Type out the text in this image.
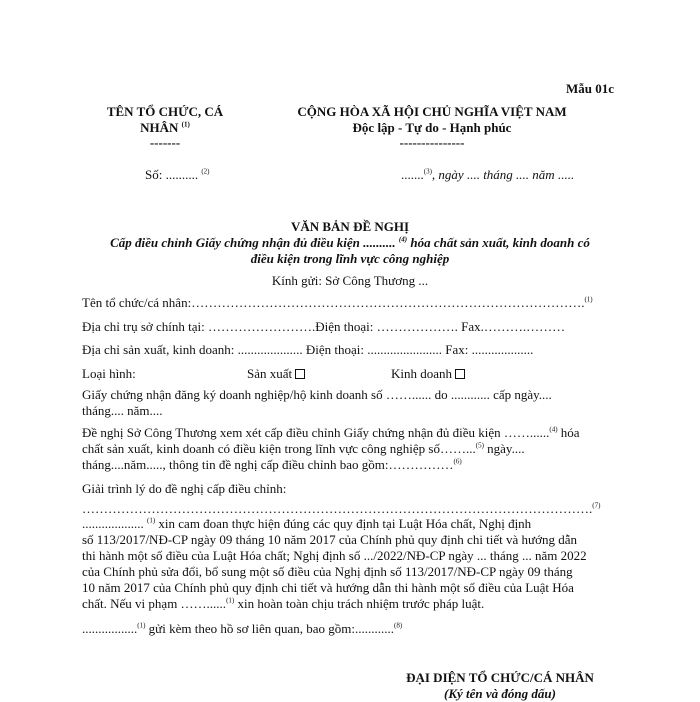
Mẫu 01c
TÊN TỔ CHỨC, CÁ
NHÂN $^{(1)}$
-------
CỘNG HÒA XÃ HỘI CHỦ NGHĨA VIỆT NAM
Độc lập - Tự do - Hạnh phúc
---------------
Số: .......... $^{(2)}$	.......$^{(3)}$, ngày .... tháng .... năm .....
VĂN BẢN ĐỀ NGHỊ
Cấp điều chỉnh Giấy chứng nhận đủ điều kiện .......... $^{(4)}$ hóa chất sản xuất, kinh doanh có
điều kiện trong lĩnh vực công nghiệp
Kính gửi: Sở Công Thương ...
Tên tổ chức/cá nhân:……………………………………………………………………………….$^{(1)}$
Địa chỉ trụ sở chính tại: …………………….Điện thoại: ………………. Fax.……….………
Địa chỉ sản xuất, kinh doanh: .................... Điện thoại: ....................... Fax: ...................
Loại hình:	Sản xuất	Kinh doanh
Giấy chứng nhận đăng ký doanh nghiệp/hộ kinh doanh số ……...... do ............ cấp ngày....
tháng.... năm....
Đề nghị Sở Công Thương xem xét cấp điều chỉnh Giấy chứng nhận đủ điều kiện ……......$^{(4)}$ hóa
chất sản xuất, kinh doanh có điều kiện trong lĩnh vực công nghiệp số……...$^{(5)}$ ngày....
tháng....năm....., thông tin đề nghị cấp điều chỉnh bao gồm:……………$^{(6)}$
Giải trình lý do đề nghị cấp điều chỉnh:
……………………………………………………………………………………………………….$^{(7)}$
................... $^{(1)}$ xin cam đoan thực hiện đúng các quy định tại Luật Hóa chất, Nghị định
số 113/2017/NĐ-CP ngày 09 tháng 10 năm 2017 của Chính phủ quy định chi tiết và hướng dẫn
thi hành một số điều của Luật Hóa chất; Nghị định số .../2022/NĐ-CP ngày ... tháng ... năm 2022
của Chính phủ sửa đổi, bổ sung một số điều của Nghị định số 113/2017/NĐ-CP ngày 09 tháng
10 năm 2017 của Chính phủ quy định chi tiết và hướng dẫn thi hành một số điều của Luật Hóa
chất. Nếu vi phạm ……......$^{(1)}$ xin hoàn toàn chịu trách nhiệm trước pháp luật.
.................$^{(1)}$ gửi kèm theo hồ sơ liên quan, bao gồm:............$^{(8)}$
ĐẠI DIỆN TỔ CHỨC/CÁ NHÂN
(Ký tên và đóng dấu)
